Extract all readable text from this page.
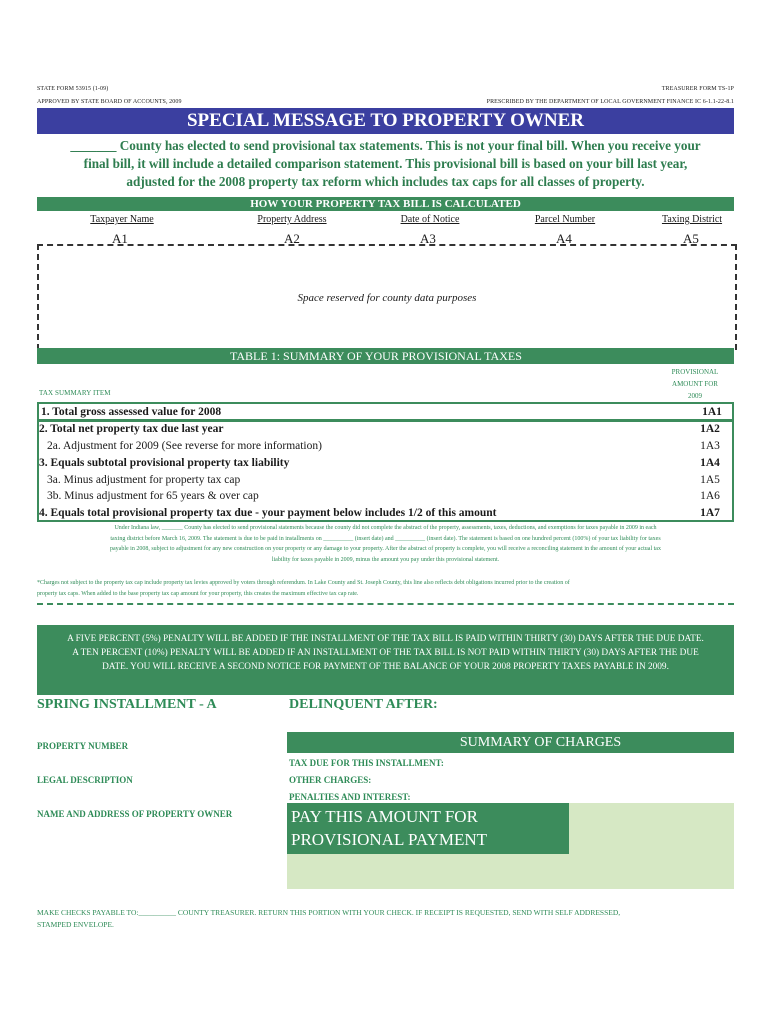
STATE FORM 53915 (1-09)	TREASURER FORM TS-1P
APPROVED BY STATE BOARD OF ACCOUNTS, 2009	PRESCRIBED BY THE DEPARTMENT OF LOCAL GOVERNMENT FINANCE IC 6-1.1-22-8.1
SPECIAL MESSAGE TO PROPERTY OWNER
_______ County has elected to send provisional tax statements. This is not your final bill. When you receive your
final bill, it will include a detailed comparison statement. This provisional bill is based on your bill last year,
adjusted for the 2008 property tax reform which includes tax caps for all classes of property.
HOW YOUR PROPERTY TAX BILL IS CALCULATED
Taxpayer Name	Property Address	Date of Notice	Parcel Number	Taxing District
A1	A2	A3	A4	A5
Space reserved for county data purposes
TABLE 1: SUMMARY OF YOUR PROVISIONAL TAXES
TAX SUMMARY ITEM
PROVISIONAL
AMOUNT FOR
2009
1. Total gross assessed value for 2008	1A1
2. Total net property tax due last year	1A2
2a. Adjustment for 2009 (See reverse for more information)	1A3
3. Equals subtotal provisional property tax liability	1A4
3a. Minus adjustment for property tax cap	1A5
3b. Minus adjustment for 65 years & over cap	1A6
4. Equals total provisional property tax due - your payment below includes 1/2 of this amount	1A7
Under Indiana law, _______ County has elected to send provisional statements because the county did not complete the abstract of the property, assessments, taxes, deductions, and exemptions for taxes payable in 2009 in each
taxing district before March 16, 2009. The statement is due to be paid in installments on __________ (insert date) and __________ (insert date). The statement is based on one hundred percent (100%) of your tax liability for taxes
payable in 2008, subject to adjustment for any new construction on your property or any damage to your property. After the abstract of property is complete, you will receive a reconciling statement in the amount of your actual tax
liability for taxes payable in 2009, minus the amount you pay under this provisional statement.
*Charges not subject to the property tax cap include property tax levies approved by voters through referendum. In Lake County and St. Joseph County, this line also reflects debt obligations incurred prior to the creation of
property tax caps. When added to the base property tax cap amount for your property, this creates the maximum effective tax cap rate.
A FIVE PERCENT (5%) PENALTY WILL BE ADDED IF THE INSTALLMENT OF THE TAX BILL IS PAID WITHIN THIRTY (30) DAYS AFTER THE DUE DATE.
A TEN PERCENT (10%) PENALTY WILL BE ADDED IF AN INSTALLMENT OF THE TAX BILL IS NOT PAID WITHIN THIRTY (30) DAYS AFTER THE DUE
DATE. YOU WILL RECEIVE A SECOND NOTICE FOR PAYMENT OF THE BALANCE OF YOUR 2008 PROPERTY TAXES PAYABLE IN 2009.
SPRING INSTALLMENT - A	DELINQUENT AFTER:
PROPERTY NUMBER
LEGAL DESCRIPTION
NAME AND ADDRESS OF PROPERTY OWNER
SUMMARY OF CHARGES
TAX DUE FOR THIS INSTALLMENT:
OTHER CHARGES:
PENALTIES AND INTEREST:
PAY THIS AMOUNT FOR
PROVISIONAL PAYMENT
MAKE CHECKS PAYABLE TO:__________ COUNTY TREASURER. RETURN THIS PORTION WITH YOUR CHECK. IF RECEIPT IS REQUESTED, SEND WITH SELF ADDRESSED,
STAMPED ENVELOPE.
